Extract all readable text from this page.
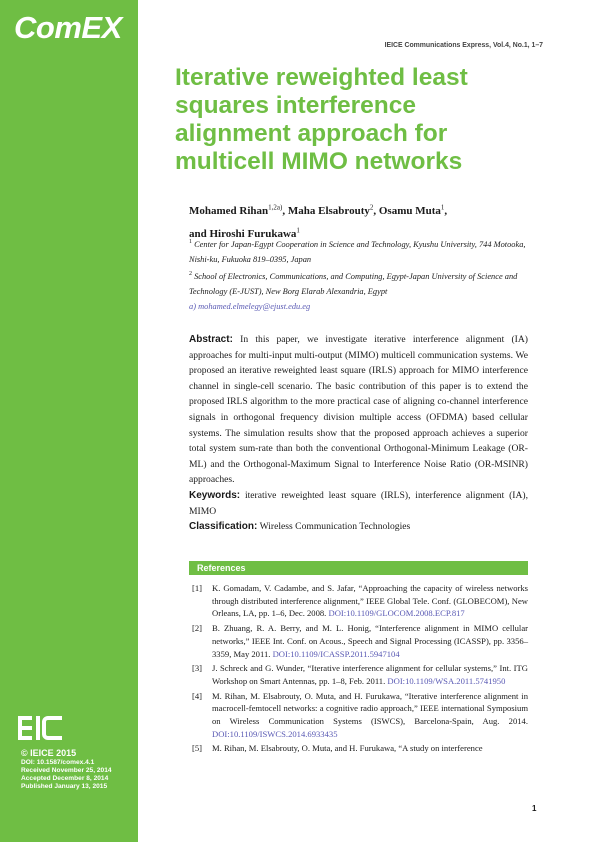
ComEX
© IEICE 2015
DOI: 10.1587/comex.4.1
Received November 25, 2014
Accepted December 8, 2014
Published January 13, 2015
IEICE Communications Express, Vol.4, No.1, 1–7
Iterative reweighted least squares interference alignment approach for multicell MIMO networks
Mohamed Rihan$^{1,2a)}$, Maha Elsabrouty$^2$, Osamu Muta$^1$,
and Hiroshi Furukawa$^1$
$^1$ Center for Japan-Egypt Cooperation in Science and Technology, Kyushu University, 744 Motooka, Nishi-ku, Fukuoka 819–0395, Japan
$^2$ School of Electronics, Communications, and Computing, Egypt-Japan University of Science and Technology (E-JUST), New Borg Elarab Alexandria, Egypt
a) mohamed.elmelegy@ejust.edu.eg

Abstract: In this paper, we investigate iterative interference alignment (IA) approaches for multi-input multi-output (MIMO) multicell communication systems. We proposed an iterative reweighted least square (IRLS) approach for MIMO interference channel in single-cell scenario. The basic contribution of this paper is to extend the proposed IRLS algorithm to the more practical case of aligning co-channel interference signals in orthogonal frequency division multiple access (OFDMA) based cellular systems. The simulation results show that the proposed approach achieves a superior total system sum-rate than both the conventional Orthogonal-Minimum Leakage (OR-ML) and the Orthogonal-Maximum Signal to Interference Noise Ratio (OR-MSINR) approaches.

Keywords: iterative reweighted least square (IRLS), interference alignment (IA), MIMO

Classification: Wireless Communication Technologies

References
[1]	K. Gomadam, V. Cadambe, and S. Jafar, “Approaching the capacity of wireless networks through distributed interference alignment,” IEEE Global Tele. Conf. (GLOBECOM), New Orleans, LA, pp. 1–6, Dec. 2008. DOI:10.1109/GLOCOM.2008.ECP.817
[2]	B. Zhuang, R. A. Berry, and M. L. Honig, “Interference alignment in MIMO cellular networks,” IEEE Int. Conf. on Acous., Speech and Signal Processing (ICASSP), pp. 3356–3359, May 2011. DOI:10.1109/ICASSP.2011.5947104
[3]	J. Schreck and G. Wunder, “Iterative interference alignment for cellular systems,” Int. ITG Workshop on Smart Antennas, pp. 1–8, Feb. 2011. DOI:10.1109/WSA.2011.5741950
[4]	M. Rihan, M. Elsabrouty, O. Muta, and H. Furukawa, “Iterative interference alignment in macrocell-femtocell networks: a cognitive radio approach,” IEEE international Symposium on Wireless Communication Systems (ISWCS), Barcelona-Spain, Aug. 2014. DOI:10.1109/ISWCS.2014.6933435
[5]	M. Rihan, M. Elsabrouty, O. Muta, and H. Furukawa, “A study on interference
1
